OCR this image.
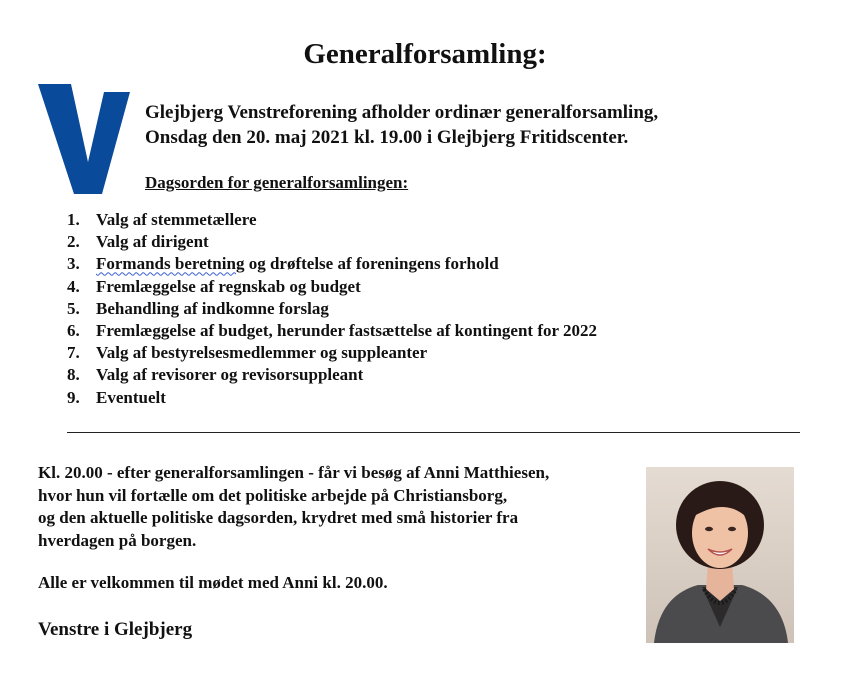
Generalforsamling:
Glejbjerg Venstreforening afholder ordinær generalforsamling,
Onsdag den 20. maj 2021 kl. 19.00 i Glejbjerg Fritidscenter.
Dagsorden for generalforsamlingen:
1. Valg af stemmetællere
2. Valg af dirigent
3. Formands beretning og drøftelse af foreningens forhold
4. Fremlæggelse af regnskab og budget
5. Behandling af indkomne forslag
6. Fremlæggelse af budget, herunder fastsættelse af kontingent for 2022
7. Valg af bestyrelsesmedlemmer og suppleanter
8. Valg af revisorer og revisorsuppleant
9. Eventuelt
Kl. 20.00 - efter generalforsamlingen - får vi besøg af Anni Matthiesen,
hvor hun vil fortælle om det politiske arbejde på Christiansborg,
og den aktuelle politiske dagsorden, krydret med små historier fra
hverdagen på borgen.
Alle er velkommen til mødet med Anni kl. 20.00.
Venstre i Glejbjerg
